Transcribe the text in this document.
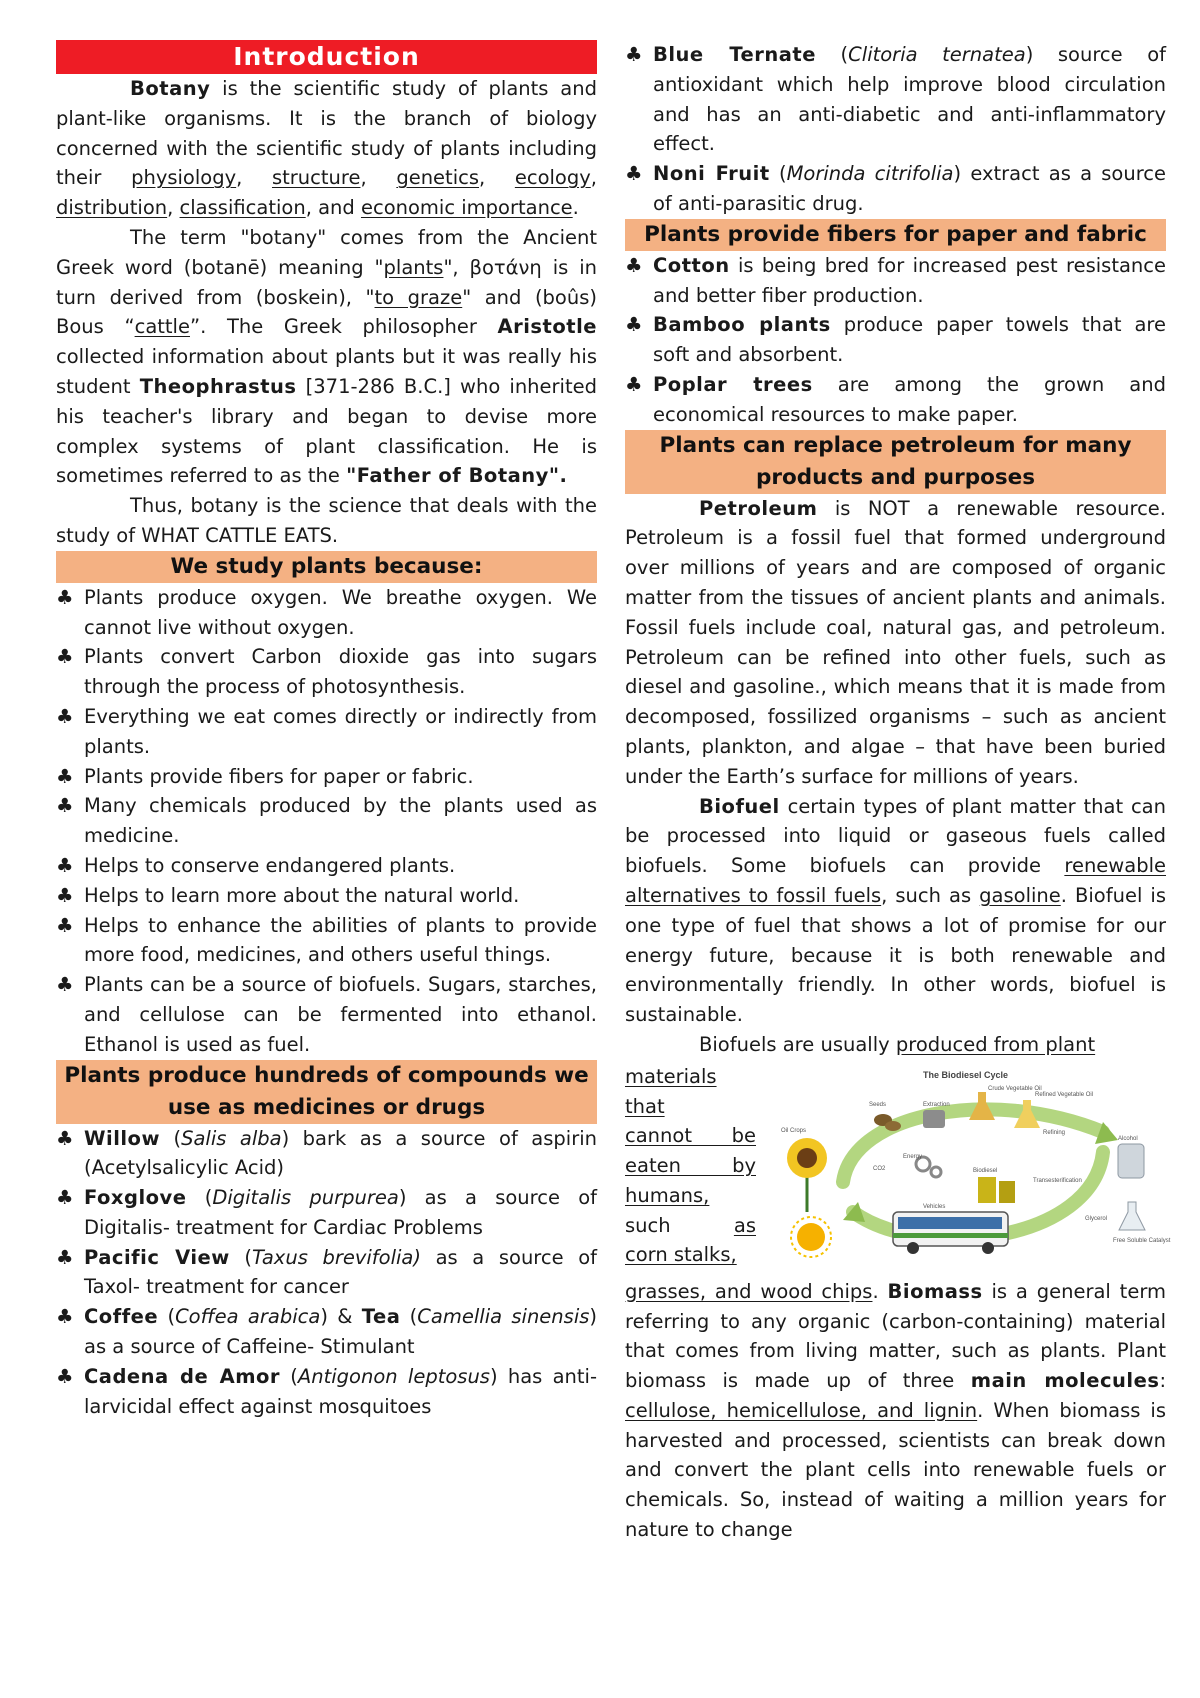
Introduction

Botany is the scientific study of plants and plant-like organisms. It is the branch of biology concerned with the scientific study of plants including their physiology, structure, genetics, ecology, distribution, classification, and economic importance.

The term "botany" comes from the Ancient Greek word (botanē) meaning "plants", βοτάνη is in turn derived from (boskein), "to graze" and (boûs) Bous “cattle”. The Greek philosopher Aristotle collected information about plants but it was really his student Theophrastus [371-286 B.C.] who inherited his teacher's library and began to devise more complex systems of plant classification. He is sometimes referred to as the "Father of Botany".

Thus, botany is the science that deals with the study of WHAT CATTLE EATS.

We study plants because:
♣ Plants produce oxygen. We breathe oxygen. We cannot live without oxygen.
♣ Plants convert Carbon dioxide gas into sugars through the process of photosynthesis.
♣ Everything we eat comes directly or indirectly from plants.
♣ Plants provide fibers for paper or fabric.
♣ Many chemicals produced by the plants used as medicine.
♣ Helps to conserve endangered plants.
♣ Helps to learn more about the natural world.
♣ Helps to enhance the abilities of plants to provide more food, medicines, and others useful things.
♣ Plants can be a source of biofuels. Sugars, starches, and cellulose can be fermented into ethanol. Ethanol is used as fuel.
Plants produce hundreds of compounds we use as medicines or drugs
♣ Willow (Salis alba) bark as a source of aspirin (Acetylsalicylic Acid)
♣ Foxglove (Digitalis purpurea) as a source of Digitalis- treatment for Cardiac Problems
♣ Pacific View (Taxus brevifolia) as a source of Taxol- treatment for cancer
♣ Coffee (Coffea arabica) & Tea (Camellia sinensis) as a source of Caffeine- Stimulant
♣ Cadena de Amor (Antigonon leptosus) has anti-larvicidal effect against mosquitoes
♣ Blue Ternate (Clitoria ternatea) source of antioxidant which help improve blood circulation and has an anti-diabetic and anti-inflammatory effect.
♣ Noni Fruit (Morinda citrifolia) extract as a source of anti-parasitic drug.
Plants provide fibers for paper and fabric
♣ Cotton is being bred for increased pest resistance and better fiber production.
♣ Bamboo plants produce paper towels that are soft and absorbent.
♣ Poplar trees are among the grown and economical resources to make paper.
Plants can replace petroleum for many products and purposes

Petroleum is NOT a renewable resource. Petroleum is a fossil fuel that formed underground over millions of years and are composed of organic matter from the tissues of ancient plants and animals. Fossil fuels include coal, natural gas, and petroleum. Petroleum can be refined into other fuels, such as diesel and gasoline., which means that it is made from decomposed, fossilized organisms – such as ancient plants, plankton, and algae – that have been buried under the Earth’s surface for millions of years.

Biofuel certain types of plant matter that can be processed into liquid or gaseous fuels called biofuels. Some biofuels can provide renewable alternatives to fossil fuels, such as gasoline. Biofuel is one type of fuel that shows a lot of promise for our energy future, because it is both renewable and environmentally friendly. In other words, biofuel is sustainable.

Biofuels are usually produced from plant

materials

that

cannot be

eaten by

humans,

such as

corn stalks,

The Biodiesel Cycle
Seeds	Extraction
Crude Vegetable Oil
Refined Vegetable Oil
Oil Crops
Energy
Refining
Alcohol
CO2	Biodiesel
Transesterification
Vehicles
Glycerol
Free Soluble Catalyst

grasses, and wood chips. Biomass is a general term referring to any organic (carbon-containing) material that comes from living matter, such as plants. Plant biomass is made up of three main molecules: cellulose, hemicellulose, and lignin. When biomass is harvested and processed, scientists can break down and convert the plant cells into renewable fuels or chemicals. So, instead of waiting a million years for nature to change
